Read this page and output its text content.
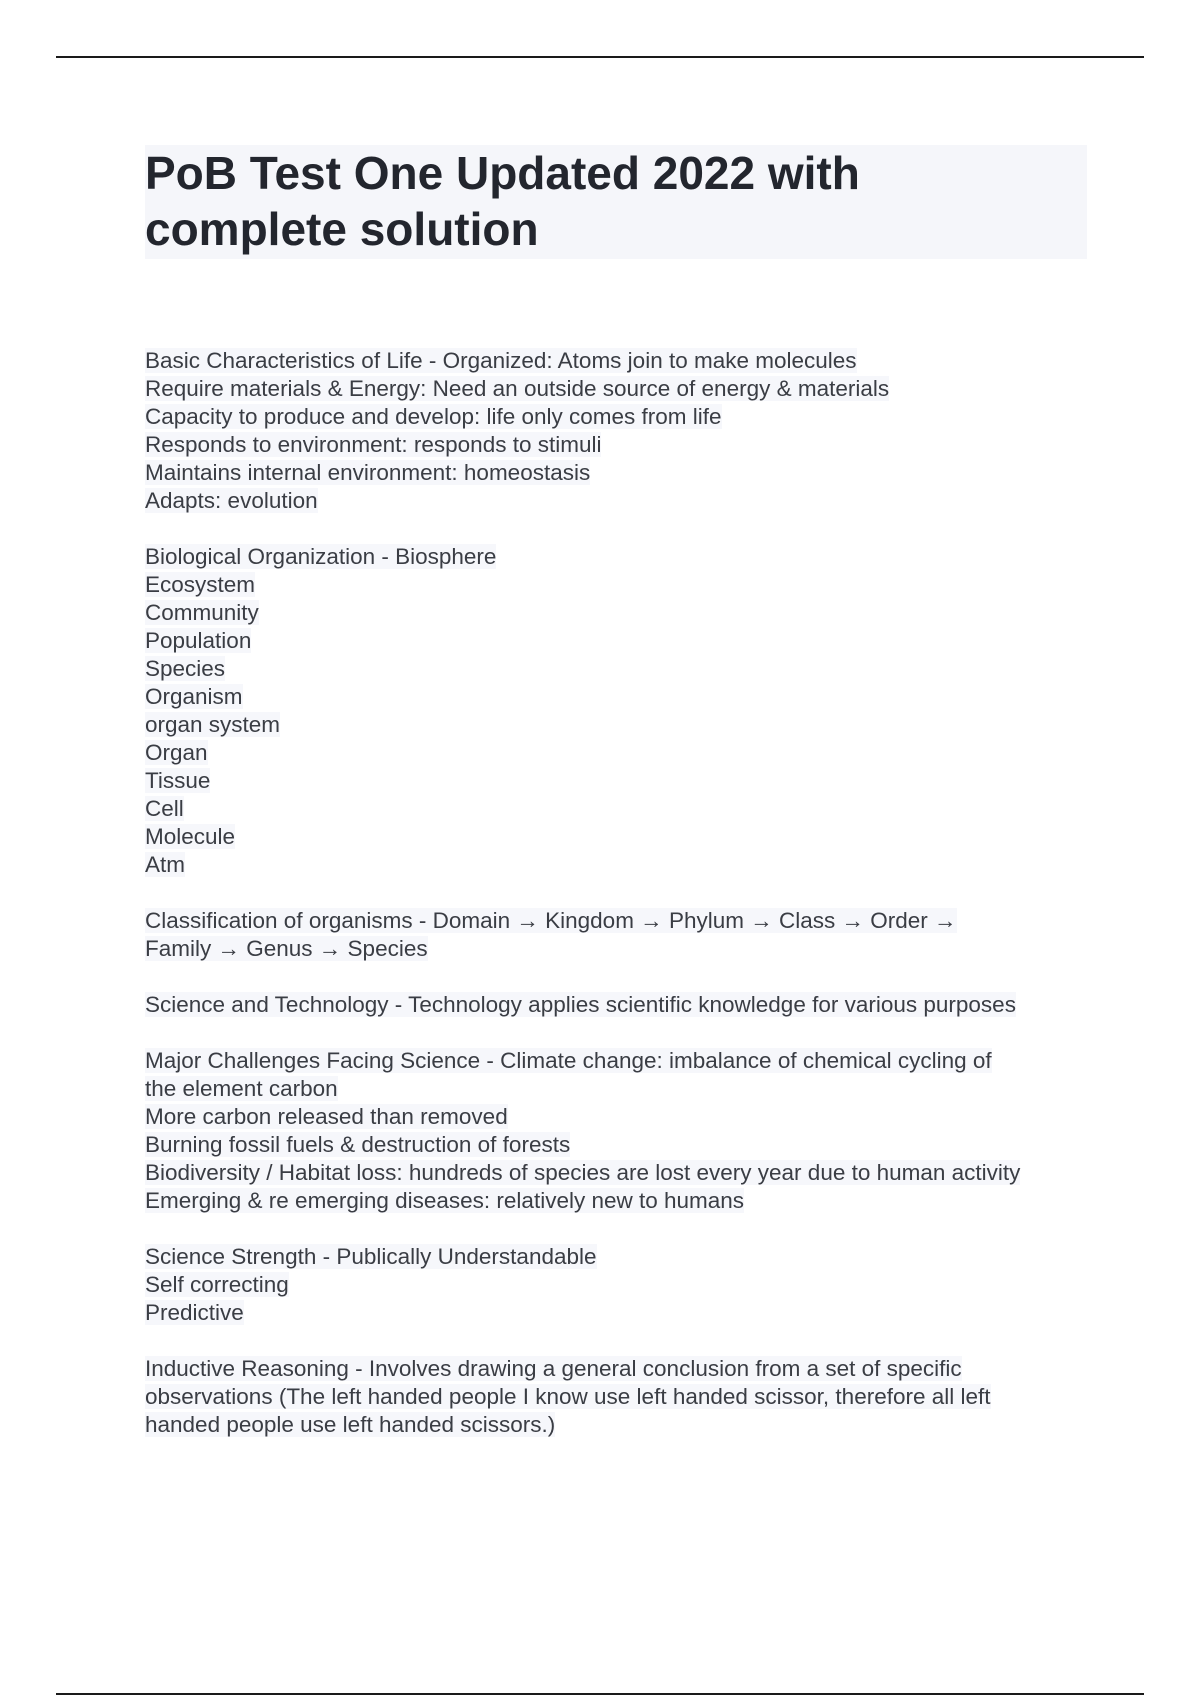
PoB Test One Updated 2022 with
complete solution
Basic Characteristics of Life - Organized: Atoms join to make molecules
Require materials & Energy: Need an outside source of energy & materials
Capacity to produce and develop: life only comes from life
Responds to environment: responds to stimuli
Maintains internal environment: homeostasis
Adapts: evolution
Biological Organization - Biosphere
Ecosystem
Community
Population
Species
Organism
organ system
Organ
Tissue
Cell
Molecule
Atm
Classification of organisms - Domain → Kingdom → Phylum → Class → Order →
Family → Genus → Species
Science and Technology - Technology applies scientific knowledge for various purposes
Major Challenges Facing Science - Climate change: imbalance of chemical cycling of
the element carbon
More carbon released than removed
Burning fossil fuels & destruction of forests
Biodiversity / Habitat loss: hundreds of species are lost every year due to human activity
Emerging & re emerging diseases: relatively new to humans
Science Strength - Publically Understandable
Self correcting
Predictive
Inductive Reasoning - Involves drawing a general conclusion from a set of specific
observations (The left handed people I know use left handed scissor, therefore all left
handed people use left handed scissors.)
